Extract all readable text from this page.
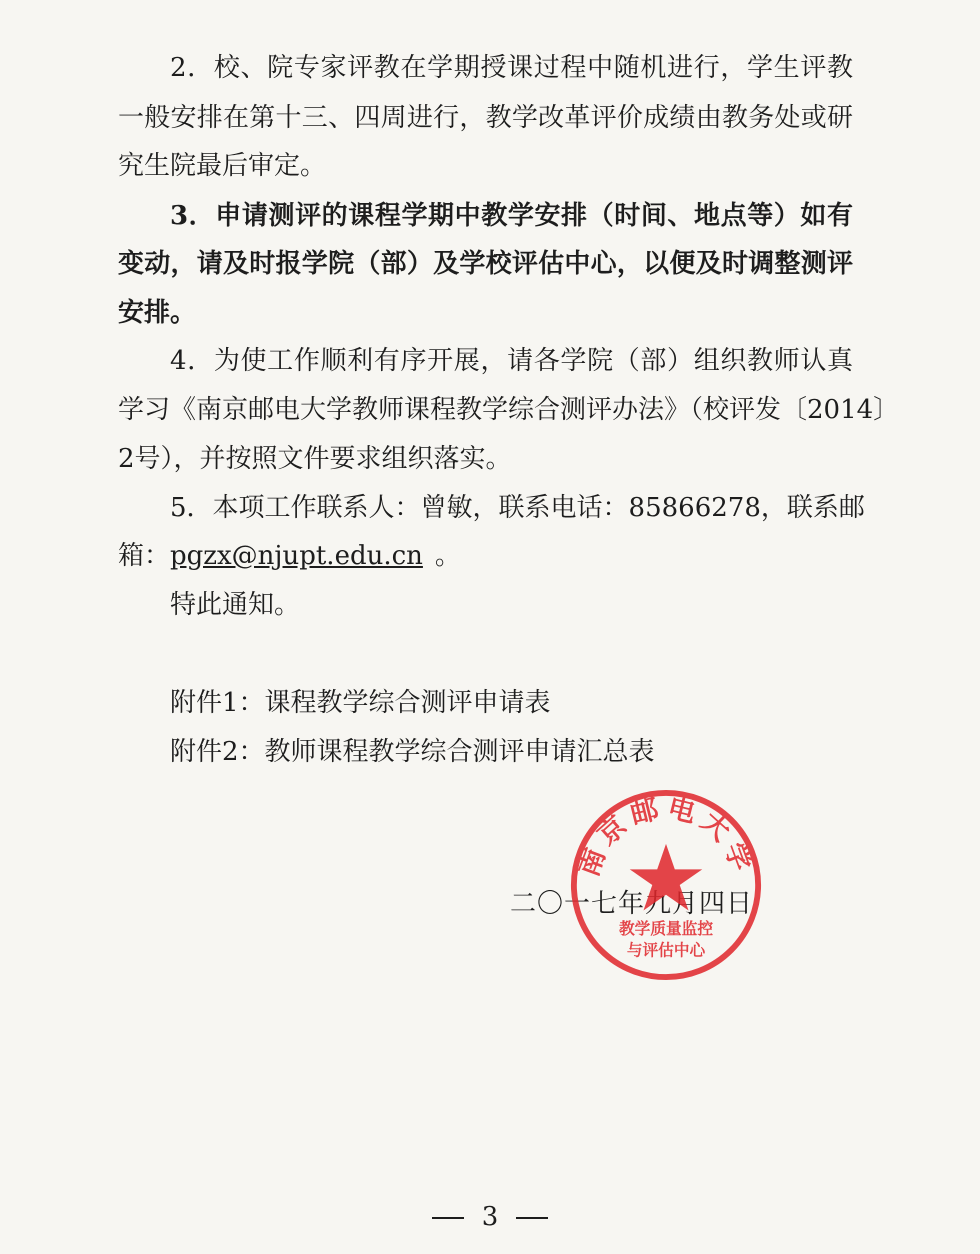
2．校、院专家评教在学期授课过程中随机进行，学生评教
一般安排在第十三、四周进行，教学改革评价成绩由教务处或研
究生院最后审定。
3．申请测评的课程学期中教学安排（时间、地点等）如有
变动，请及时报学院（部）及学校评估中心，以便及时调整测评
安排。
4．为使工作顺利有序开展，请各学院（部）组织教师认真
学习《南京邮电大学教师课程教学综合测评办法》（校评发〔2014〕
2号），并按照文件要求组织落实。
5．本项工作联系人：曾敏，联系电话：85866278，联系邮
箱：pgzx@njupt.edu.cn 。
特此通知。
附件1：课程教学综合测评申请表
附件2：教师课程教学综合测评申请汇总表
二〇一七年九月四日
南京邮电大学
教学质量监控
与评估中心
3
